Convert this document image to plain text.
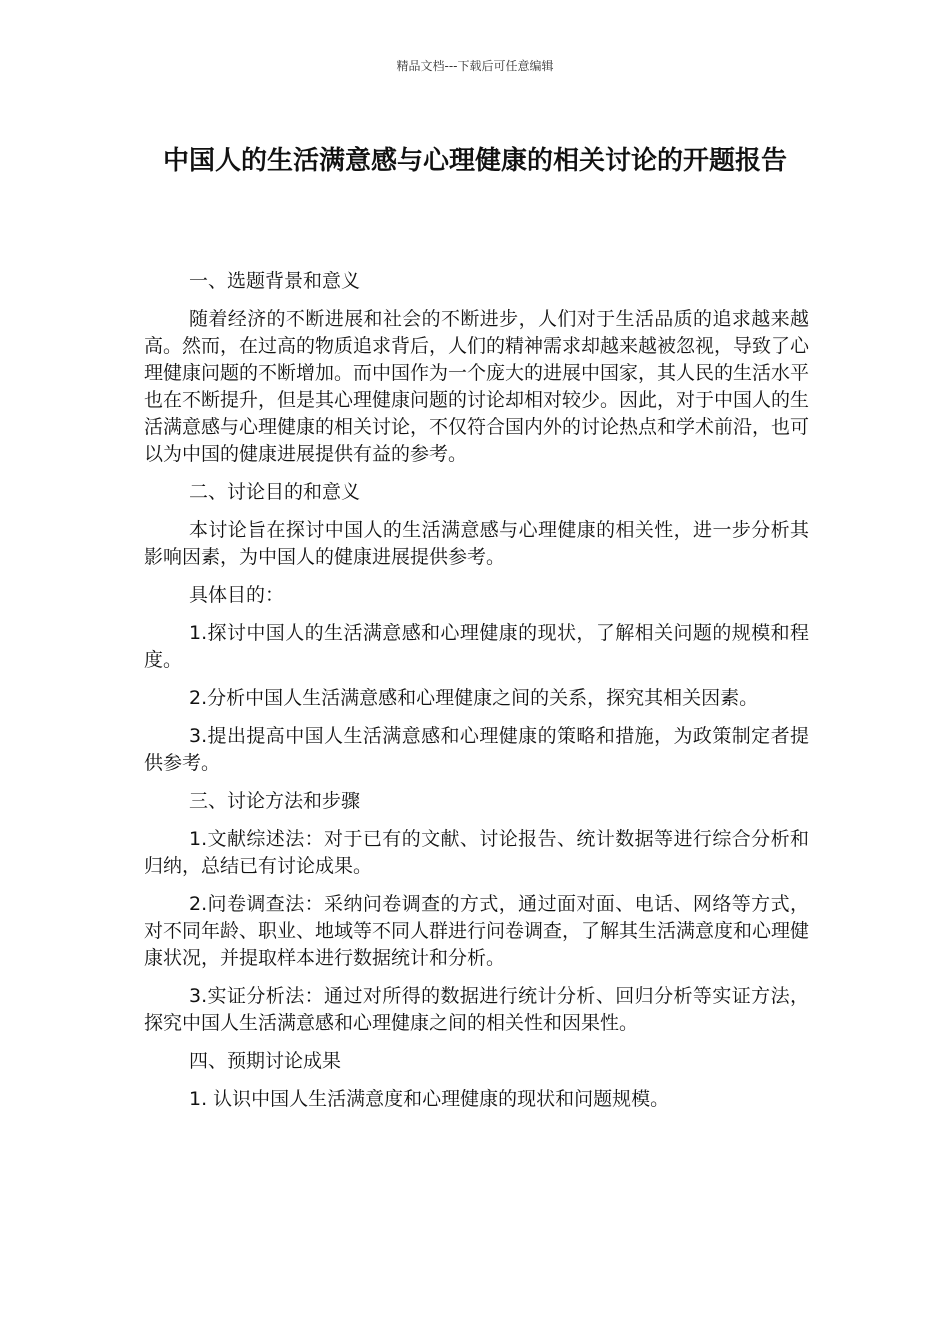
精品文档---下载后可任意编辑
中国人的生活满意感与心理健康的相关讨论的开题报告

一、选题背景和意义

随着经济的不断进展和社会的不断进步，人们对于生活品质的追求越来越高。然而，在过高的物质追求背后，人们的精神需求却越来越被忽视，导致了心理健康问题的不断增加。而中国作为一个庞大的进展中国家，其人民的生活水平也在不断提升，但是其心理健康问题的讨论却相对较少。因此，对于中国人的生活满意感与心理健康的相关讨论，不仅符合国内外的讨论热点和学术前沿，也可以为中国的健康进展提供有益的参考。

二、讨论目的和意义

本讨论旨在探讨中国人的生活满意感与心理健康的相关性，进一步分析其影响因素，为中国人的健康进展提供参考。

具体目的：

1.探讨中国人的生活满意感和心理健康的现状，了解相关问题的规模和程度。

2.分析中国人生活满意感和心理健康之间的关系，探究其相关因素。

3.提出提高中国人生活满意感和心理健康的策略和措施，为政策制定者提供参考。

三、讨论方法和步骤

1.文献综述法：对于已有的文献、讨论报告、统计数据等进行综合分析和归纳，总结已有讨论成果。

2.问卷调查法：采纳问卷调查的方式，通过面对面、电话、网络等方式，对不同年龄、职业、地域等不同人群进行问卷调查，了解其生活满意度和心理健康状况，并提取样本进行数据统计和分析。

3.实证分析法：通过对所得的数据进行统计分析、回归分析等实证方法，探究中国人生活满意感和心理健康之间的相关性和因果性。

四、预期讨论成果

1. 认识中国人生活满意度和心理健康的现状和问题规模。
